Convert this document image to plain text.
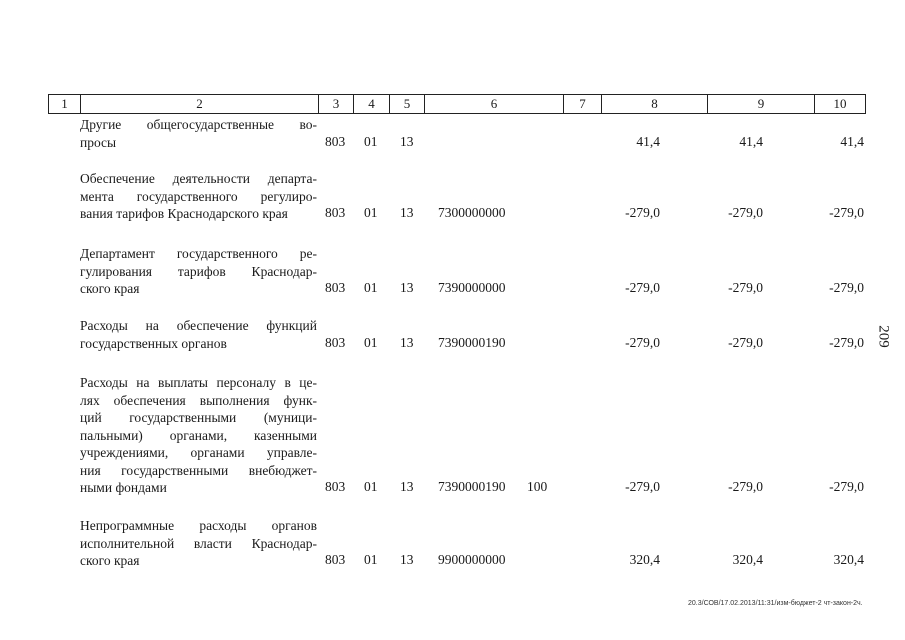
1	2	3	4	5	6	7	8	9	10
Другие общегосударственные во-
просы	803 01 13	41,4	41,4	41,4
Обеспечение деятельности департа-
мента государственного регулиро-
вания тарифов Краснодарского края	803 01 13 7300000000	-279,0	-279,0	-279,0
Департамент государственного ре-
гулирования тарифов Краснодар-
ского края	803 01 13 7390000000	-279,0	-279,0	-279,0
Расходы на обеспечение функций
государственных органов	803 01 13 7390000190	-279,0	-279,0	-279,0
Расходы на выплаты персоналу в це-
лях обеспечения выполнения функ-
ций государственными (муници-
пальными) органами, казенными
учреждениями, органами управле-
ния государственными внебюджет-
ными фондами	803 01 13 7390000190 100	-279,0	-279,0	-279,0
Непрограммные расходы органов
исполнительной власти Краснодар-
ского края	803 01 13 9900000000	320,4	320,4	320,4
209
20.3/СОВ/17.02.2013/11:31/изм-бюджет-2 чт-закон-2ч.
